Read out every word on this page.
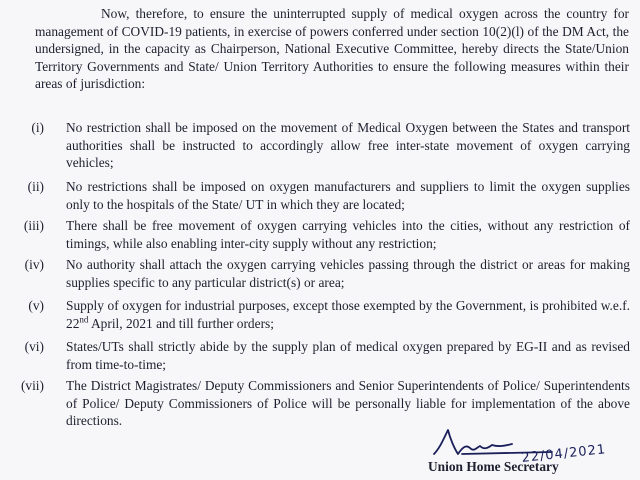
Now, therefore, to ensure the uninterrupted supply of medical oxygen across the country for management of COVID-19 patients, in exercise of powers conferred under section 10(2)(l) of the DM Act, the undersigned, in the capacity as Chairperson, National Executive Committee, hereby directs the State/Union Territory Governments and State/ Union Territory Authorities to ensure the following measures within their areas of jurisdiction:

(i) No restriction shall be imposed on the movement of Medical Oxygen between the States and transport authorities shall be instructed to accordingly allow free inter-state movement of oxygen carrying vehicles;
(ii) No restrictions shall be imposed on oxygen manufacturers and suppliers to limit the oxygen supplies only to the hospitals of the State/ UT in which they are located;
(iii) There shall be free movement of oxygen carrying vehicles into the cities, without any restriction of timings, while also enabling inter-city supply without any restriction;
(iv) No authority shall attach the oxygen carrying vehicles passing through the district or areas for making supplies specific to any particular district(s) or area;
(v) Supply of oxygen for industrial purposes, except those exempted by the Government, is prohibited w.e.f. 22nd April, 2021 and till further orders;
(vi) States/UTs shall strictly abide by the supply plan of medical oxygen prepared by EG-II and as revised from time-to-time;
(vii) The District Magistrates/ Deputy Commissioners and Senior Superintendents of Police/ Superintendents of Police/ Deputy Commissioners of Police will be personally liable for implementation of the above directions.
22/04/2021
Union Home Secretary
